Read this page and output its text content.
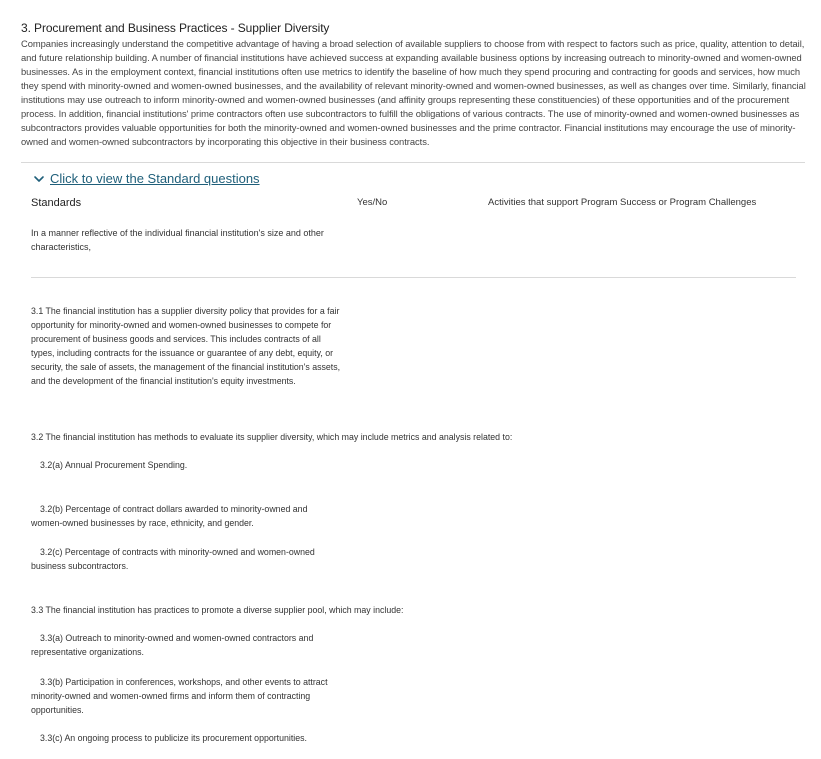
3. Procurement and Business Practices - Supplier Diversity
Companies increasingly understand the competitive advantage of having a broad selection of available suppliers to choose from with respect to factors such as price, quality, attention to detail, and future relationship building. A number of financial institutions have achieved success at expanding available business options by increasing outreach to minority-owned and women-owned businesses. As in the employment context, financial institutions often use metrics to identify the baseline of how much they spend procuring and contracting for goods and services, how much they spend with minority-owned and women-owned businesses, and the availability of relevant minority-owned and women-owned businesses, as well as changes over time. Similarly, financial institutions may use outreach to inform minority-owned and women-owned businesses (and affinity groups representing these constituencies) of these opportunities and of the procurement process. In addition, financial institutions' prime contractors often use subcontractors to fulfill the obligations of various contracts. The use of minority-owned and women-owned businesses as subcontractors provides valuable opportunities for both the minority-owned and women-owned businesses and the prime contractor. Financial institutions may encourage the use of minority-owned and women-owned subcontractors by incorporating this objective in their business contracts.
Click to view the Standard questions
Standards	Yes/No	Activities that support Program Success or Program Challenges
In a manner reflective of the individual financial institution's size and other characteristics,
3.1 The financial institution has a supplier diversity policy that provides for a fair opportunity for minority-owned and women-owned businesses to compete for procurement of business goods and services. This includes contracts of all types, including contracts for the issuance or guarantee of any debt, equity, or security, the sale of assets, the management of the financial institution's assets, and the development of the financial institution's equity investments.
3.2 The financial institution has methods to evaluate its supplier diversity, which may include metrics and analysis related to:
3.2(a) Annual Procurement Spending.
3.2(b) Percentage of contract dollars awarded to minority-owned and women-owned businesses by race, ethnicity, and gender.
3.2(c) Percentage of contracts with minority-owned and women-owned business subcontractors.
3.3 The financial institution has practices to promote a diverse supplier pool, which may include:
3.3(a) Outreach to minority-owned and women-owned contractors and representative organizations.
3.3(b) Participation in conferences, workshops, and other events to attract minority-owned and women-owned firms and inform them of contracting opportunities.
3.3(c) An ongoing process to publicize its procurement opportunities.
